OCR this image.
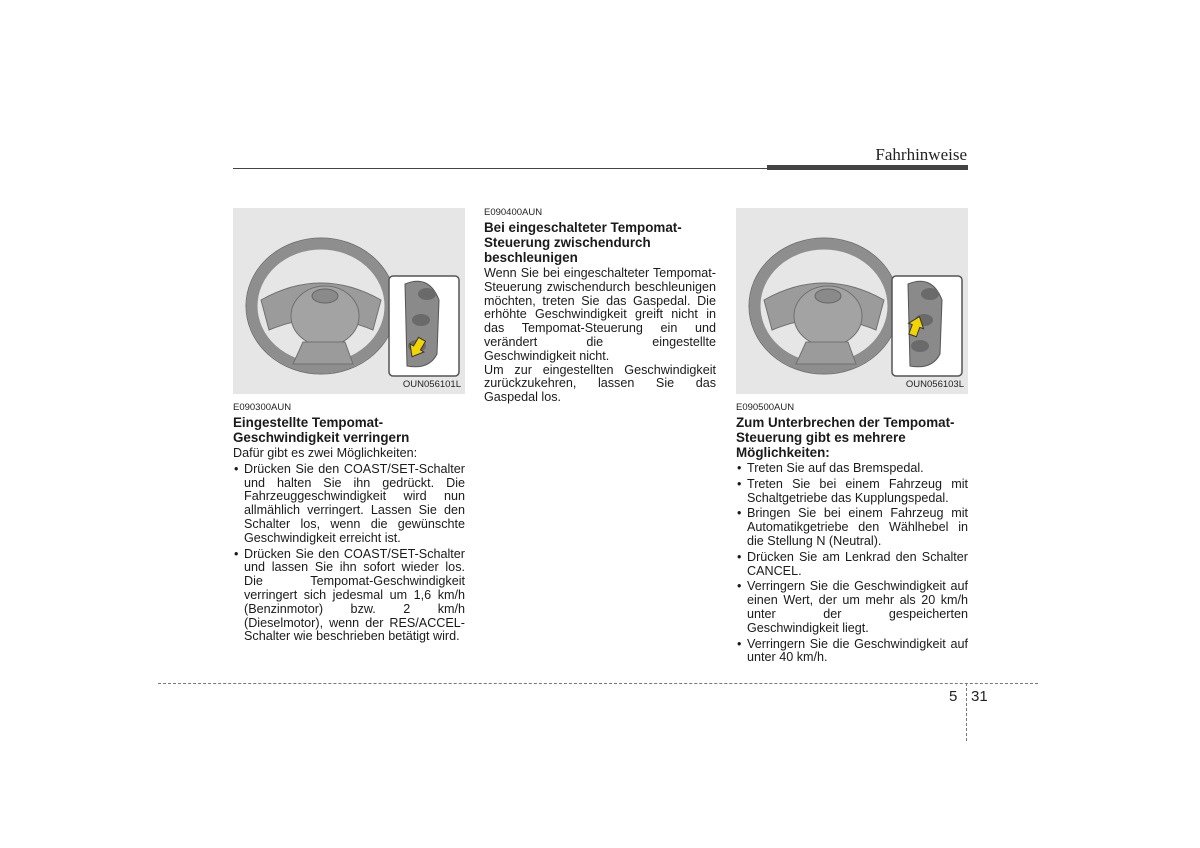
Fahrhinweise
OUN056101L

E090300AUN

Eingestellte Tempomat-Geschwindigkeit verringern

Dafür gibt es zwei Möglichkeiten:

• Drücken Sie den COAST/SET-Schalter und halten Sie ihn gedrückt. Die Fahrzeuggeschwindigkeit wird nun allmählich verringert. Lassen Sie den Schalter los, wenn die gewünschte Geschwindigkeit erreicht ist.
• Drücken Sie den COAST/SET-Schalter und lassen Sie ihn sofort wieder los. Die Tempomat-Geschwindigkeit verringert sich jedesmal um 1,6 km/h (Benzinmotor) bzw. 2 km/h (Dieselmotor), wenn der RES/ACCEL-Schalter wie beschrieben betätigt wird.

E090400AUN

Bei eingeschalteter Tempomat-Steuerung zwischendurch beschleunigen

Wenn Sie bei eingeschalteter Tempomat-Steuerung zwischendurch beschleunigen möchten, treten Sie das Gaspedal. Die erhöhte Geschwindigkeit greift nicht in das Tempomat-Steuerung ein und verändert die eingestellte Geschwindigkeit nicht.

Um zur eingestellten Geschwindigkeit zurückzukehren, lassen Sie das Gaspedal los.

OUN056103L

E090500AUN

Zum Unterbrechen der Tempomat-Steuerung gibt es mehrere Möglichkeiten:

• Treten Sie auf das Bremspedal.
• Treten Sie bei einem Fahrzeug mit Schaltgetriebe das Kupplungspedal.
• Bringen Sie bei einem Fahrzeug mit Automatikgetriebe den Wählhebel in die Stellung N (Neutral).
• Drücken Sie am Lenkrad den Schalter CANCEL.
• Verringern Sie die Geschwindigkeit auf einen Wert, der um mehr als 20 km/h unter der gespeicherten Geschwindigkeit liegt.
• Verringern Sie die Geschwindigkeit auf unter 40 km/h.
5 31
